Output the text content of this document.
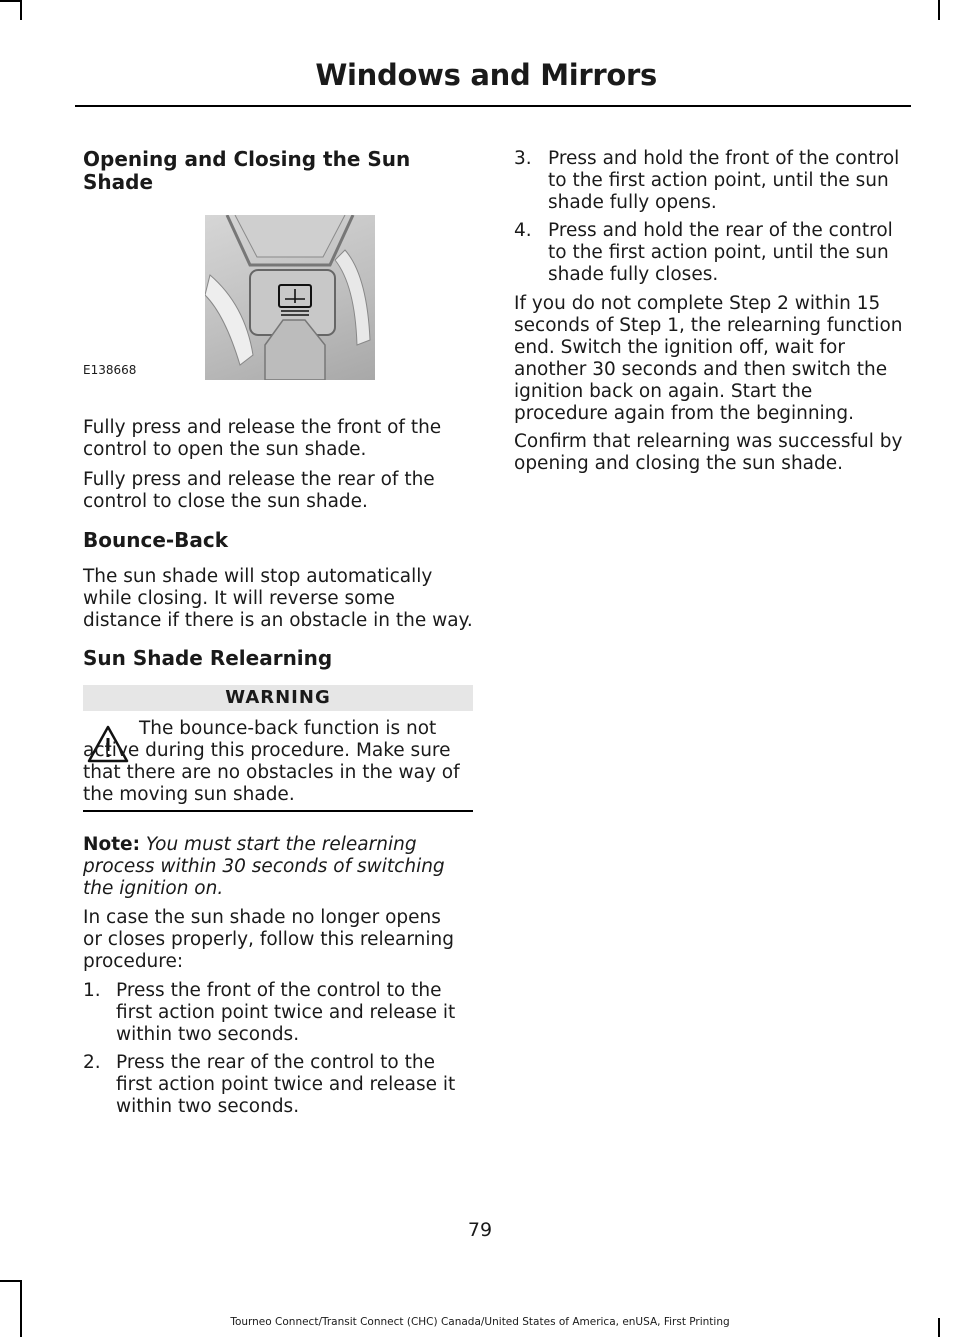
Windows and Mirrors
Opening and Closing the Sun Shade
E138668

Fully press and release the front of the control to open the sun shade.

Fully press and release the rear of the control to close the sun shade.

Bounce-Back

The sun shade will stop automatically while closing. It will reverse some distance if there is an obstacle in the way.

Sun Shade Relearning
WARNING

The bounce-back function is not active during this procedure. Make sure that there are no obstacles in the way of the moving sun shade.

Note: You must start the relearning process within 30 seconds of switching the ignition on.

In case the sun shade no longer opens or closes properly, follow this relearning procedure:

1. Press the front of the control to the first action point twice and release it within two seconds.
2. Press the rear of the control to the first action point twice and release it within two seconds.
3. Press and hold the front of the control to the first action point, until the sun shade fully opens.
4. Press and hold the rear of the control to the first action point, until the sun shade fully closes.

If you do not complete Step 2 within 15 seconds of Step 1, the relearning function end. Switch the ignition off, wait for another 30 seconds and then switch the ignition back on again. Start the procedure again from the beginning.

Confirm that relearning was successful by opening and closing the sun shade.

79
Tourneo Connect/Transit Connect (CHC) Canada/United States of America, enUSA, First Printing
